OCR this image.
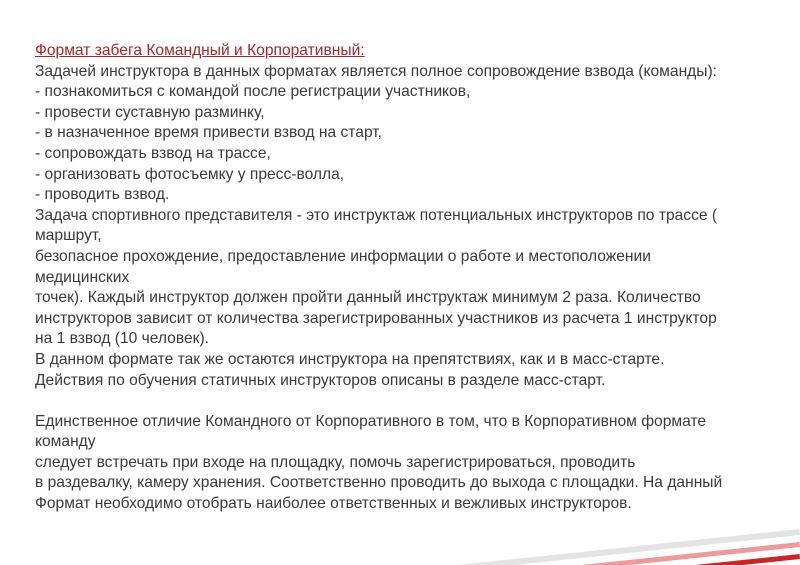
Формат забега Командный и Корпоративный:
Задачей инструктора в данных форматах является полное сопровождение взвода (команды):
- познакомиться с командой после регистрации участников,
- провести суставную разминку,
- в назначенное время привести взвод на старт,
- сопровождать взвод на трассе,
- организовать фотосъемку у пресс-волла,
- проводить взвод.
Задача спортивного представителя - это инструктаж потенциальных инструкторов по трассе (
маршрут,
безопасное прохождение, предоставление информации о работе и местоположении
медицинских
точек). Каждый инструктор должен пройти данный инструктаж минимум 2 раза. Количество
инструкторов зависит от количества зарегистрированных участников из расчета 1 инструктор
на 1 взвод (10 человек).
В данном формате так же остаются инструктора на препятствиях, как и в масс-старте.
Действия по обучения статичных инструкторов описаны в разделе масс-старт.
Единственное отличие Командного от Корпоративного в том, что в Корпоративном формате
команду
следует встречать при входе на площадку, помочь зарегистрироваться, проводить
в раздевалку, камеру хранения. Соответственно проводить до выхода с площадки. На данный
Формат необходимо отобрать наиболее ответственных и вежливых инструкторов.
